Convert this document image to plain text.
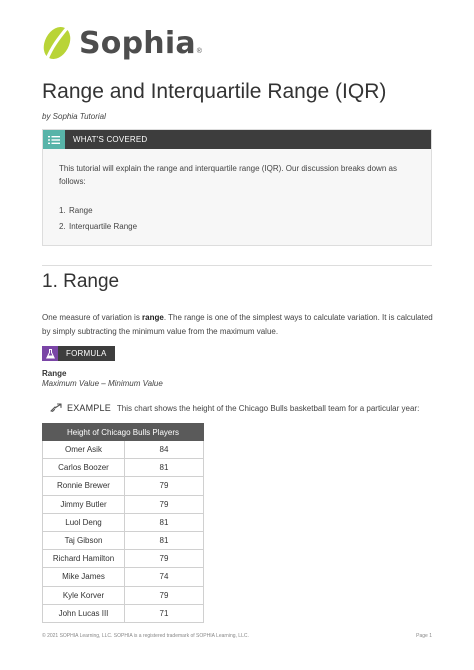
Sophia ®
Range and Interquartile Range (IQR)
by Sophia Tutorial
WHAT'S COVERED

This tutorial will explain the range and interquartile range (IQR). Our discussion breaks down as follows:

1. Range
2. Interquartile Range
1. Range

One measure of variation is range. The range is one of the simplest ways to calculate variation. It is calculated by simply subtracting the minimum value from the maximum value.

FORMULA
Range
Maximum Value – Minimum Value
EXAMPLE This chart shows the height of the Chicago Bulls basketball team for a particular year:
Height of Chicago Bulls Players	
Omer Asik	84
Carlos Boozer	81
Ronnie Brewer	79
Jimmy Butler	79
Luol Deng	81
Taj Gibson	81
Richard Hamilton	79
Mike James	74
Kyle Korver	79
John Lucas III	71
© 2021 SOPHIA Learning, LLC. SOPHIA is a registered trademark of SOPHIA Learning, LLC.	Page 1
